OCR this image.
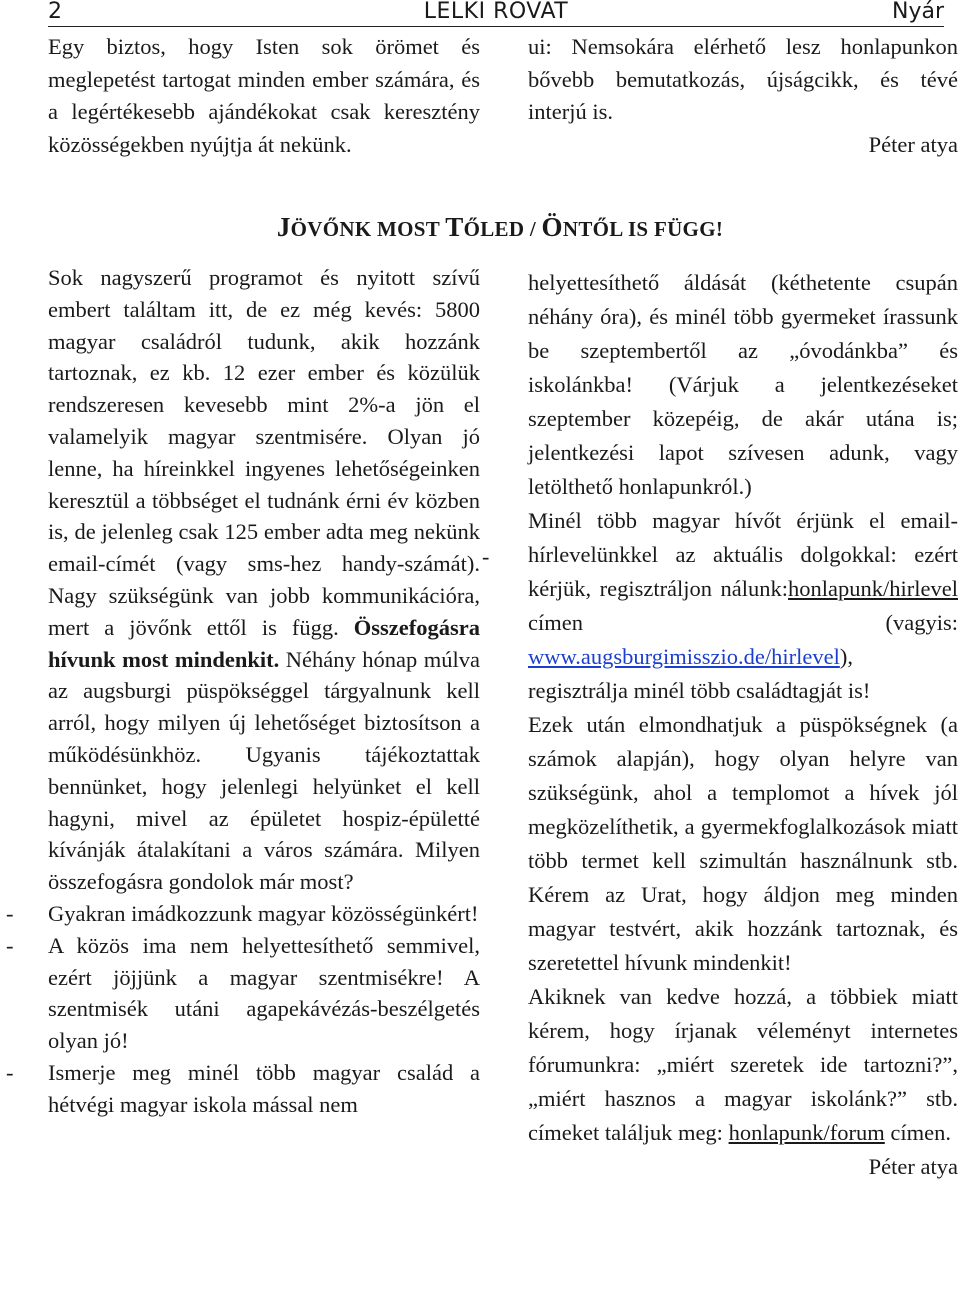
2	LELKI ROVAT	Nyár

Egy biztos, hogy Isten sok örömet és meglepetést tartogat minden ember számára, és a legértékesebb ajándékokat csak keresztény közösségekben nyújtja át nekünk.

ui: Nemsokára elérhető lesz honlapunkon bővebb bemutatkozás, újságcikk, és tévé interjú is.

Péter atya

JÖVŐNK MOST TŐLED / ÖNTŐL IS FÜGG!

Sok nagyszerű programot és nyitott szívű embert találtam itt, de ez még kevés: 5800 magyar családról tudunk, akik hozzánk tartoznak, ez kb. 12 ezer ember és közülük rendszeresen kevesebb mint 2%-a jön el valamelyik magyar szentmisére. Olyan jó lenne, ha híreinkkel ingyenes lehetőségeinken keresztül a többséget el tudnánk érni év közben is, de jelenleg csak 125 ember adta meg nekünk email-címét (vagy sms-hez handy-számát). Nagy szükségünk van jobb kommunikációra, mert a jövőnk ettől is függ. Összefogásra hívunk most mindenkit. Néhány hónap múlva az augsburgi püspökséggel tárgyalnunk kell arról, hogy milyen új lehetőséget biztosítson a működésünkhöz. Ugyanis tájékoztattak bennünket, hogy jelenlegi helyünket el kell hagyni, mivel az épületet hospiz-épületté kívánják átalakítani a város számára. Milyen összefogásra gondolok már most?

- Gyakran imádkozzunk magyar közösségünkért!
- A közös ima nem helyettesíthető semmivel, ezért jöjjünk a magyar szentmisékre! A szentmisék utáni agapekávézás-beszélgetés olyan jó!
- Ismerje meg minél több magyar család a hétvégi magyar iskola mással nem
-

helyettesíthető áldását (kéthetente csupán néhány óra), és minél több gyermeket írassunk be szeptembertől az „óvodánkba” és iskolánkba! (Várjuk a jelentkezéseket szeptember közepéig, de akár utána is; jelentkezési lapot szívesen adunk, vagy letölthető honlapunkról.)

Minél több magyar hívőt érjünk el email-hírlevelünkkel az aktuális dolgokkal: ezért kérjük, regisztráljon nálunk:honlapunk/hirlevel címen (vagyis: www.augsburgimisszio.de/hirlevel), regisztrálja minél több családtagját is!

Ezek után elmondhatjuk a püspökségnek (a számok alapján), hogy olyan helyre van szükségünk, ahol a templomot a hívek jól megközelíthetik, a gyermekfoglalkozások miatt több termet kell szimultán használnunk stb. Kérem az Urat, hogy áldjon meg minden magyar testvért, akik hozzánk tartoznak, és szeretettel hívunk mindenkit!

Akiknek van kedve hozzá, a többiek miatt kérem, hogy írjanak véleményt internetes fórumunkra: „miért szeretek ide tartozni?”, „miért hasznos a magyar iskolánk?” stb. címeket találjuk meg: honlapunk/forum címen.

Péter atya
